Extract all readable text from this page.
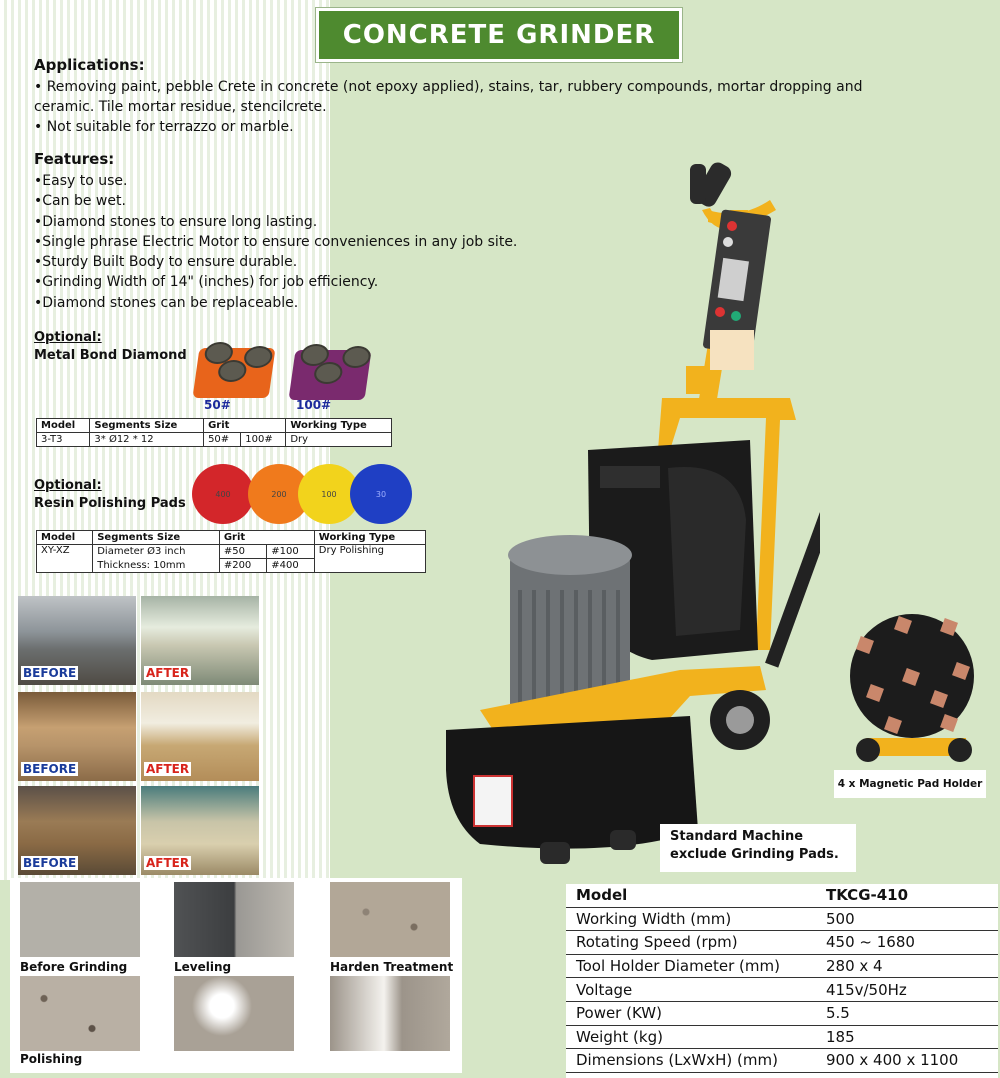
CONCRETE GRINDER
Applications:
• Removing paint, pebble Crete in concrete (not epoxy applied), stains, tar, rubbery compounds, mortar dropping and
ceramic. Tile mortar residue, stencilcrete.
• Not suitable for terrazzo or marble.
Features:
• Easy to use.
• Can be wet.
• Diamond stones to ensure long lasting.
• Single phrase Electric Motor to ensure conveniences in any job site.
• Sturdy Built Body to ensure durable.
• Grinding Width of 14" (inches) for job efficiency.
• Diamond stones can be replaceable.
Optional:
Metal Bond Diamond
50#	100#
Model	Segments Size	Grit		Working Type
3-T3	3* Ø12 * 12	50#	100#	Dry
Optional:
Resin Polishing Pads
400	200	100	30
Model	Segments Size	Grit		Working Type
XY-XZ	Diameter Ø3 inch	#50	#100	Dry Polishing
	Thickness: 10mm	#200	#400	
BEFORE	AFTER
BEFORE	AFTER
BEFORE	AFTER
Before Grinding	Leveling	Harden Treatment
Polishing
4 x Magnetic Pad Holder
Standard Machine
exclude Grinding Pads.
Model	TKCG-410
Working Width (mm)	500
Rotating Speed (rpm)	450 ~ 1680
Tool Holder Diameter (mm)	280 x 4
Voltage	415v/50Hz
Power (KW)	5.5
Weight (kg)	185
Dimensions (LxWxH) (mm)	900 x 400 x 1100
